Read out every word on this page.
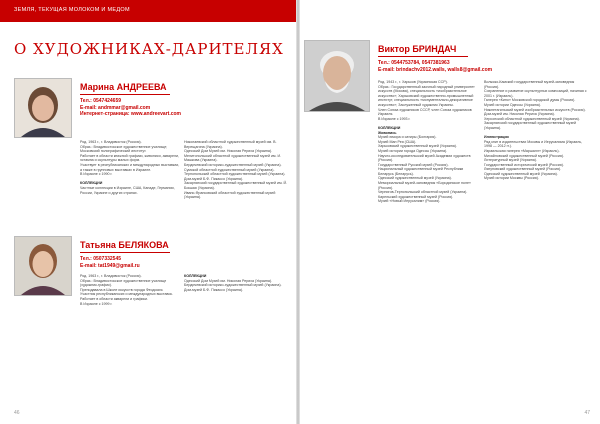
ЗЕМЛЯ, ТЕКУЩАЯ МОЛОКОМ И МЕДОМ
О ХУДОЖНИКАХ-ДАРИТЕЛЯХ
Марина АНДРЕЕВА
Тел.: 0547424659
E-mail: andmmar@gmail.com
Интернет-страница: www.andreevart.com

Род. 1963 г., г. Владивосток (Россия).

Образ.: Владивостокское художественное училище; Московский полиграфический институт.

Работает в области книжной графики, живописи, акварели, эстампа и скульптуры малых форм.

Участвует в республиканских и международных выставках, а также в групповых выставках в Израиле.

В Израиле с 1990 г.

КОЛЛЕКЦИИ

Частные коллекции в Израиле, США, Канаде, Германии, России, Украине и других странах.

Николаевский областной художественный музей им. В. Верещагина (Украина).

Одесский Дом Музей им. Николая Рериха (Украина).

Мелитопольский областной художественный музей им. И. Машкова (Украина).

Бердичевский историко-художественный музей (Украина).

Сумской областной художественный музей (Украина).

Тернопольский областной художественный музей (Украина).

Дом-музей Б.Ф. Пикассо (Украина).

Закарпатский государственный художественный музей им. Й. Бокшая (Украина).

Ивано-Франковский областной художественный музей (Украина).

Татьяна БЕЛЯКОВА
Тел.: 0507332545
E-mail: tat1949@gmail.ru

Род. 1963 г., г. Владивосток (Россия).

Образ.: Владивостокское художественное училище (художник-график).

Преподавала в Школе искусств города Феодосия.

Участник республиканских и международных выставок.

Работает в области акварели и графики.

В Израиле с 1999 г.

КОЛЛЕКЦИИ

Одесский Дом Музей им. Николая Рериха (Украина).

Бердичевский историко-художественный музей (Украина).

Дом-музей Б.Ф. Пикассо (Украина).

46
Виктор БРИНДАЧ
Тел.: 0544753784, 0547381963
E-mail: brindachv2012.walls, walls8@gmail.com

Род. 1943 г., г. Харьков (Украинская ССР).

Образ.: Государственный заочный народный университет искусств (Москва), специальность «изобразительное искусство»; Харьковский художественно-промышленный институт, специальность «монументально-декоративное искусство»; Заслуженный художник Украины.

Член Союза художников СССР, член Союза художников Израиля.

В Израиле с 1993 г.

КОЛЛЕКЦИИ

Живопись

Музей юмора и сатиры (Болгария).

Музей Ман Рея (США).

Харьковский художественный музей (Украина).

Музей истории города Одессы (Украина).

Научно-исследовательский музей Академии художеств (Россия).

Государственный Русский музей (Россия).

Национальный художественный музей Республики Беларусь (Беларусь).

Одесский художественный музей (Украина).

Мемориальный музей-заповедник «Бородинское поле» (Россия).

Чернигов-Тернопольский областной музей (Украина).

Карельский художественный музей (Россия).

Музей «Новый Иерусалим» (Россия).

Волжско-Камский государственный музей-заповедник (Россия).

Сохранение и развитие скульптурных композиций, начиная с 2001 г. (Израиль).

Галерея «Кино» Московской городской думы (Россия).

Музей истории Одессы (Украина).

Нижнетагильский музей изобразительных искусств (Россия).

Дом-музей им. Николая Рериха (Украина).

Херсонский областной художественный музей (Украина).

Закарпатский государственный художественный музей (Украина).

Иллюстрации

Ряд книг в издательствах Москвы и Иерусалима (Израиль, 1998 — 2012 гг.).

Израильская галерея «Маршалл» (Израиль).

Михайловский художественный музей (Россия).

Литературный музей (Украина).

Государственный исторический музей (Россия).

Ляпуновский художественный музей (Россия).

Одесский художественный музей (Украина).

Музей истории Москвы (Россия).

47
